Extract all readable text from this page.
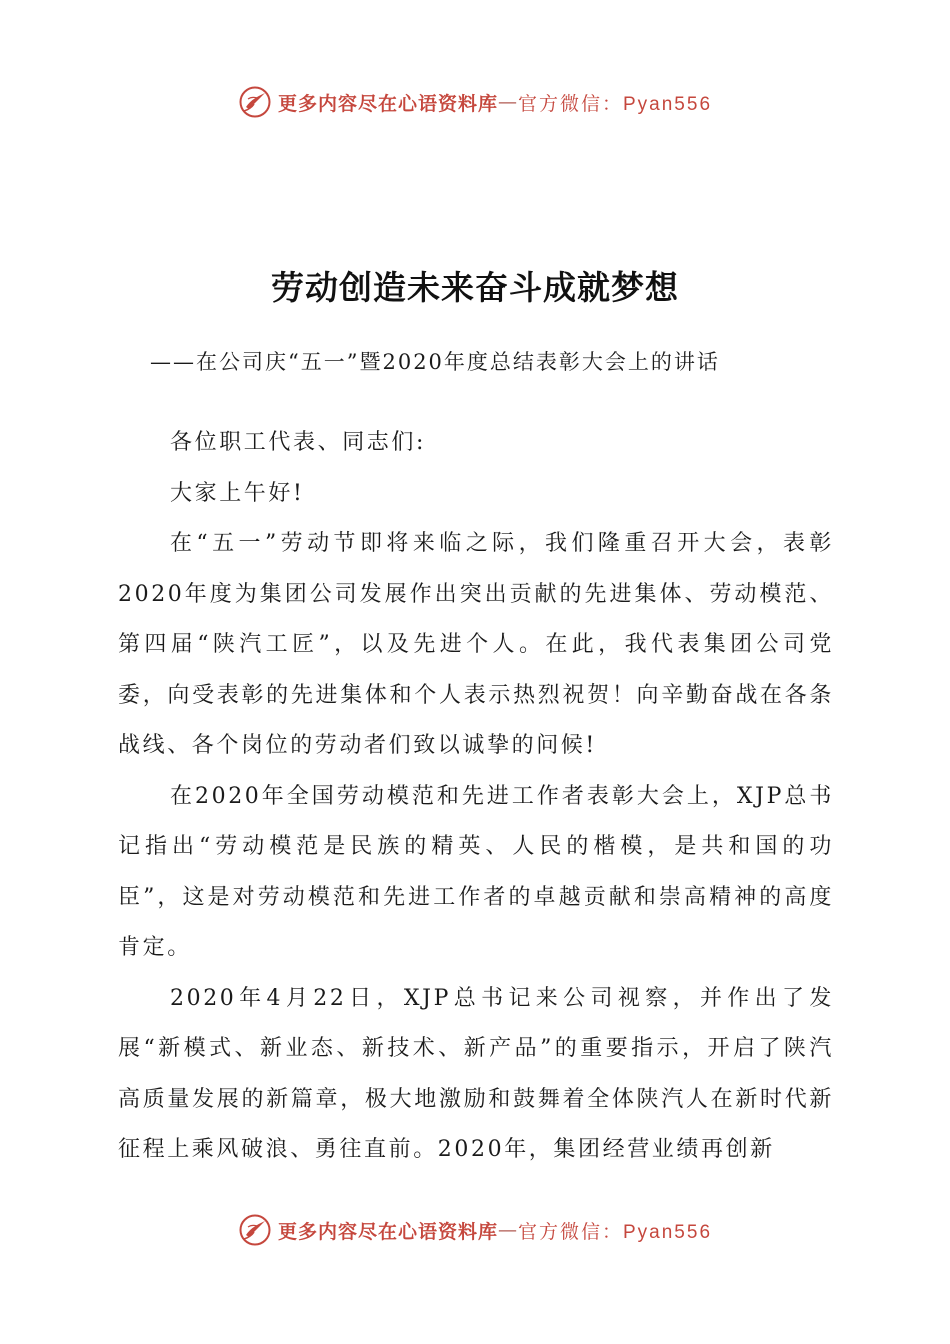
更多内容尽在心语资料库 — 官方微信：Pyan556
劳动创造未来奋斗成就梦想

——在公司庆“五一”暨2020年度总结表彰大会上的讲话

各位职工代表、同志们:

大家上午好!

在“五一”劳动节即将来临之际，我们隆重召开大会，表彰2020年度为集团公司发展作出突出贡献的先进集体、劳动模范、第四届“陕汽工匠”，以及先进个人。在此，我代表集团公司党委，向受表彰的先进集体和个人表示热烈祝贺！向辛勤奋战在各条战线、各个岗位的劳动者们致以诚挚的问候!

在2020年全国劳动模范和先进工作者表彰大会上，XJP总书记指出“劳动模范是民族的精英、人民的楷模，是共和国的功臣”，这是对劳动模范和先进工作者的卓越贡献和崇高精神的高度肯定。

2020年4月22日，XJP总书记来公司视察，并作出了发展“新模式、新业态、新技术、新产品”的重要指示，开启了陕汽高质量发展的新篇章，极大地激励和鼓舞着全体陕汽人在新时代新征程上乘风破浪、勇往直前。2020年，集团经营业绩再创新

更多内容尽在心语资料库 — 官方微信：Pyan556
